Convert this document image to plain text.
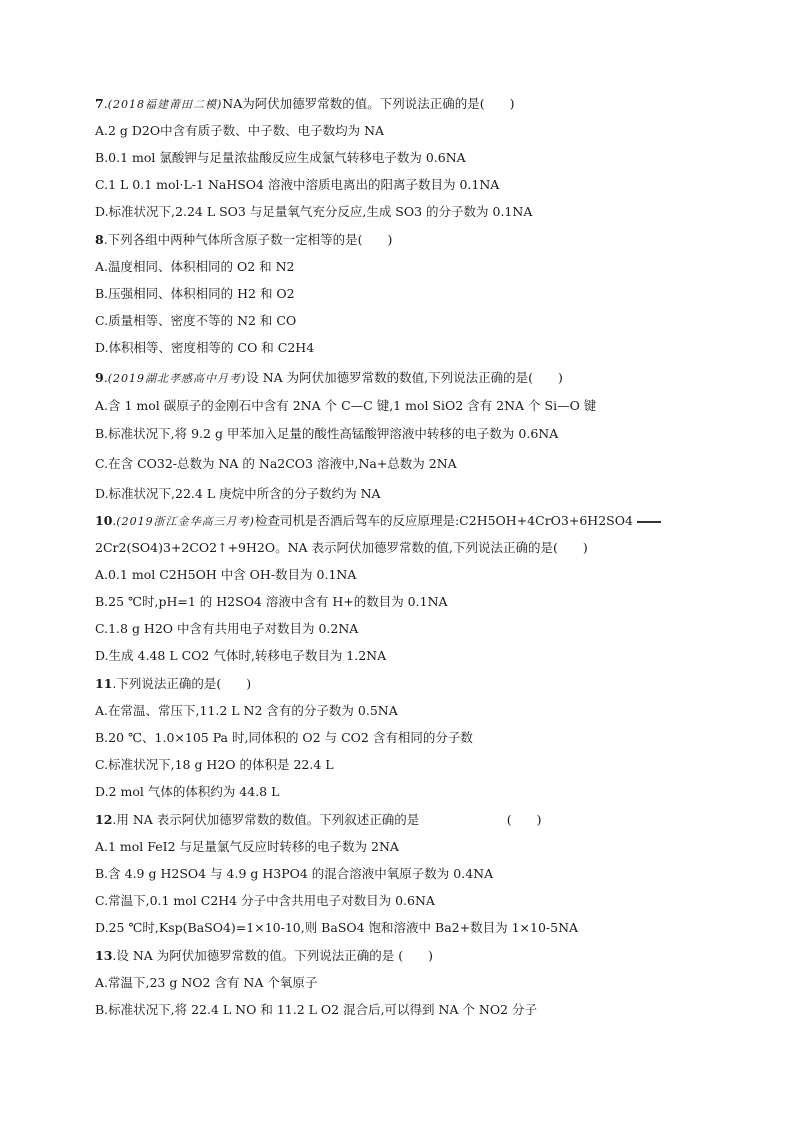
7.(2018福建莆田二模)NA为阿伏加德罗常数的值。下列说法正确的是(　　)
A.2 g D2O中含有质子数、中子数、电子数均为 NA
B.0.1 mol 氯酸钾与足量浓盐酸反应生成氯气转移电子数为 0.6NA
C.1 L 0.1 mol·L-1 NaHSO4 溶液中溶质电离出的阳离子数目为 0.1NA
D.标准状况下,2.24 L SO3 与足量氧气充分反应,生成 SO3 的分子数为 0.1NA
8.下列各组中两种气体所含原子数一定相等的是(　　)
A.温度相同、体积相同的 O2 和 N2
B.压强相同、体积相同的 H2 和 O2
C.质量相等、密度不等的 N2 和 CO
D.体积相等、密度相等的 CO 和 C2H4
9.(2019湖北孝感高中月考)设 NA 为阿伏加德罗常数的数值,下列说法正确的是(　　)
A.含 1 mol 碳原子的金刚石中含有 2NA 个 C—C 键,1 mol SiO2 含有 2NA 个 Si—O 键
B.标准状况下,将 9.2 g 甲苯加入足量的酸性高锰酸钾溶液中转移的电子数为 0.6NA
C.在含 CO32-总数为 NA 的 Na2CO3 溶液中,Na+总数为 2NA
D.标准状况下,22.4 L 庚烷中所含的分子数约为 NA
10.(2019浙江金华高三月考)检查司机是否酒后驾车的反应原理是:C2H5OH+4CrO3+6H2SO4
2Cr2(SO4)3+2CO2↑+9H2O。NA 表示阿伏加德罗常数的值,下列说法正确的是(　　)
A.0.1 mol C2H5OH 中含 OH-数目为 0.1NA
B.25 ℃时,pH=1 的 H2SO4 溶液中含有 H+的数目为 0.1NA
C.1.8 g H2O 中含有共用电子对数目为 0.2NA
D.生成 4.48 L CO2 气体时,转移电子数目为 1.2NA
11.下列说法正确的是(　　)
A.在常温、常压下,11.2 L N2 含有的分子数为 0.5NA
B.20 ℃、1.0×105 Pa 时,同体积的 O2 与 CO2 含有相同的分子数
C.标准状况下,18 g H2O 的体积是 22.4 L
D.2 mol 气体的体积约为 44.8 L
12.用 NA 表示阿伏加德罗常数的数值。下列叙述正确的是　　　　　　　(　　)
A.1 mol FeI2 与足量氯气反应时转移的电子数为 2NA
B.含 4.9 g H2SO4 与 4.9 g H3PO4 的混合溶液中氧原子数为 0.4NA
C.常温下,0.1 mol C2H4 分子中含共用电子对数目为 0.6NA
D.25 ℃时,Ksp(BaSO4)=1×10-10,则 BaSO4 饱和溶液中 Ba2+数目为 1×10-5NA
13.设 NA 为阿伏加德罗常数的值。下列说法正确的是 (　　)
A.常温下,23 g NO2 含有 NA 个氧原子
B.标准状况下,将 22.4 L NO 和 11.2 L O2 混合后,可以得到 NA 个 NO2 分子
